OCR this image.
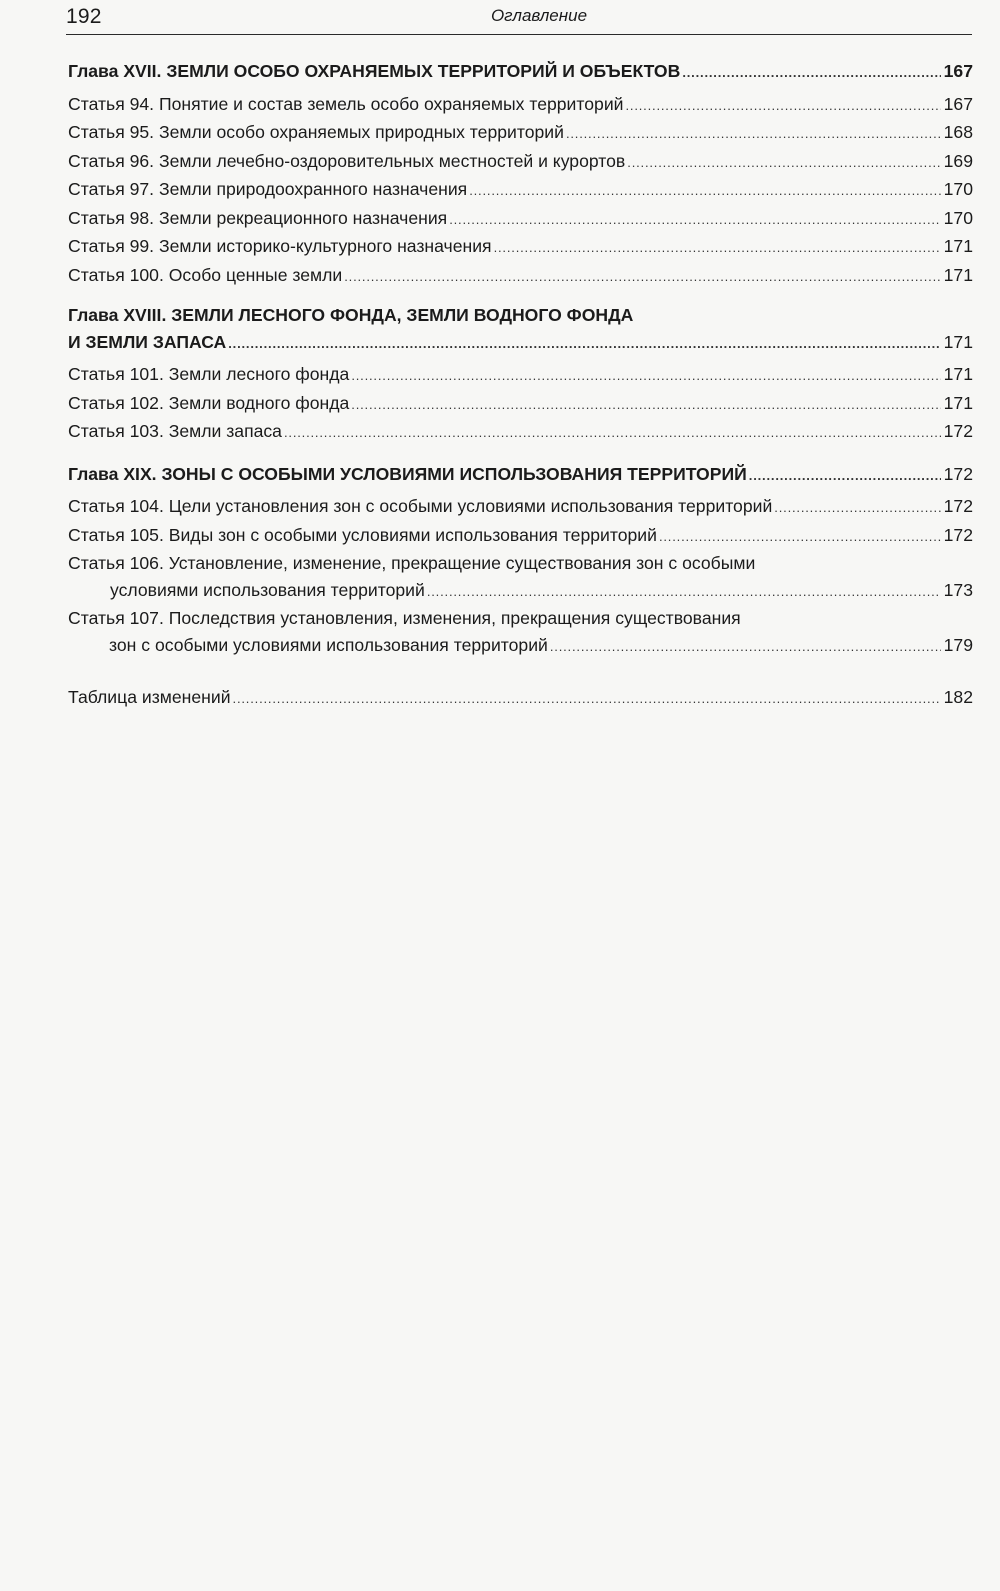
192	Оглавление
Глава XVII. ЗЕМЛИ ОСОБО ОХРАНЯЕМЫХ ТЕРРИТОРИЙ И ОБЪЕКТОВ . . .	167
Статья 94. Понятие и состав земель особо охраняемых территорий . . .	167
Статья 95. Земли особо охраняемых природных территорий . . .	168
Статья 96. Земли лечебно-оздоровительных местностей и курортов . . .	169
Статья 97. Земли природоохранного назначения . . .	170
Статья 98. Земли рекреационного назначения . . .	170
Статья 99. Земли историко-культурного назначения . . .	171
Статья 100. Особо ценные земли . . .	171
Глава XVIII. ЗЕМЛИ ЛЕСНОГО ФОНДА, ЗЕМЛИ ВОДНОГО ФОНДА
И ЗЕМЛИ ЗАПАСА . . .	171
Статья 101. Земли лесного фонда . . .	171
Статья 102. Земли водного фонда . . .	171
Статья 103. Земли запаса . . .	172
Глава XIX. ЗОНЫ С ОСОБЫМИ УСЛОВИЯМИ ИСПОЛЬЗОВАНИЯ ТЕРРИТОРИЙ . . .	172
Статья 104. Цели установления зон с особыми условиями использования территорий . . .	172
Статья 105. Виды зон с особыми условиями использования территорий . . .	172
Статья 106. Установление, изменение, прекращение существования зон с особыми
условиями использования территорий . . .	173
Статья 107. Последствия установления, изменения, прекращения существования
зон с особыми условиями использования территорий . . .	179
Таблица изменений . . .	182
